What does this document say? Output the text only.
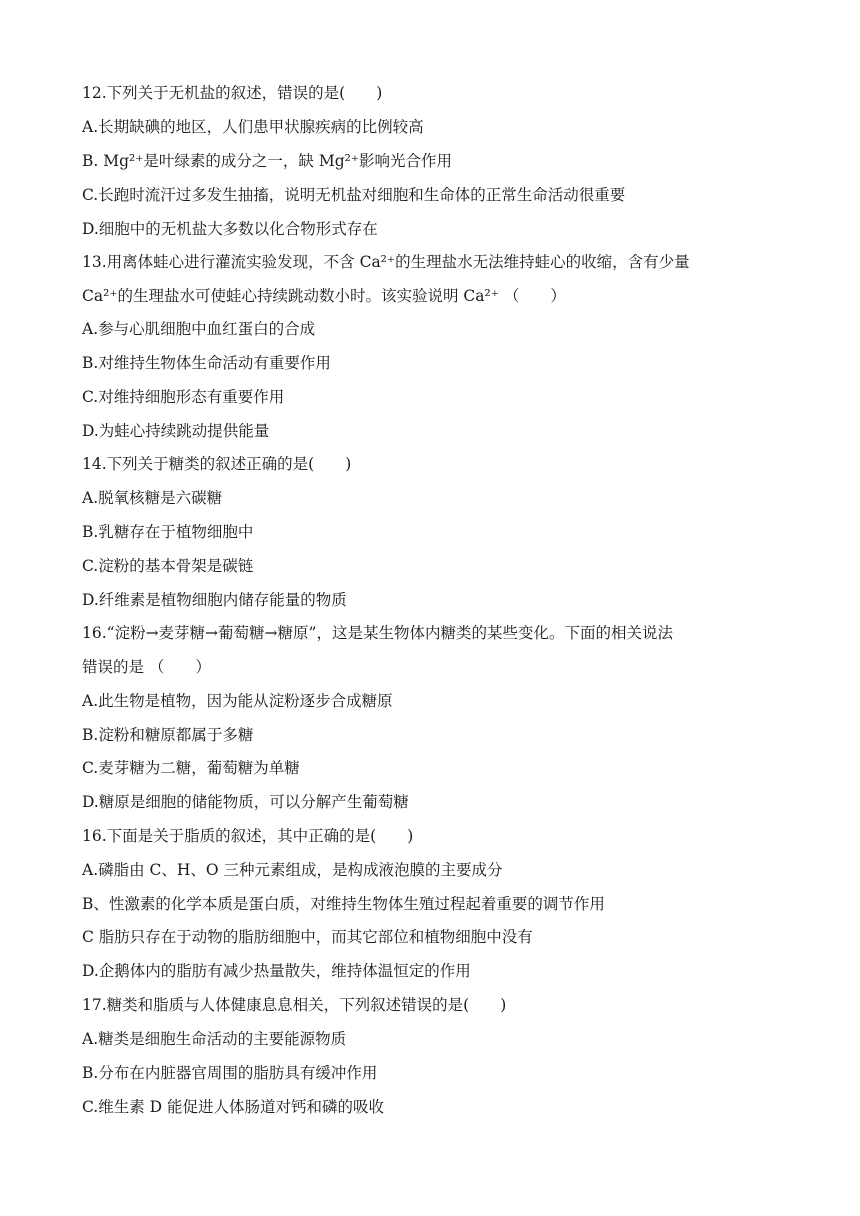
12.下列关于无机盐的叙述，错误的是(　　)
A.长期缺碘的地区，人们患甲状腺疾病的比例较高
B. Mg²⁺是叶绿素的成分之一，缺 Mg²⁺影响光合作用
C.长跑时流汗过多发生抽搐，说明无机盐对细胞和生命体的正常生命活动很重要
D.细胞中的无机盐大多数以化合物形式存在
13.用离体蛙心进行灌流实验发现，不含 Ca²⁺的生理盐水无法维持蛙心的收缩，含有少量
Ca²⁺的生理盐水可使蛙心持续跳动数小时。该实验说明 Ca²⁺ （　　）
A.参与心肌细胞中血红蛋白的合成
B.对维持生物体生命活动有重要作用
C.对维持细胞形态有重要作用
D.为蛙心持续跳动提供能量
14.下列关于糖类的叙述正确的是(　　)
A.脱氧核糖是六碳糖
B.乳糖存在于植物细胞中
C.淀粉的基本骨架是碳链
D.纤维素是植物细胞内储存能量的物质
16.“淀粉→麦芽糖→葡萄糖→糖原”，这是某生物体内糖类的某些变化。下面的相关说法
错误的是 （　　）
A.此生物是植物，因为能从淀粉逐步合成糖原
B.淀粉和糖原都属于多糖
C.麦芽糖为二糖，葡萄糖为单糖
D.糖原是细胞的储能物质，可以分解产生葡萄糖
16.下面是关于脂质的叙述，其中正确的是(　　)
A.磷脂由 C、H、O 三种元素组成，是构成液泡膜的主要成分
B、性激素的化学本质是蛋白质，对维持生物体生殖过程起着重要的调节作用
C 脂肪只存在于动物的脂肪细胞中，而其它部位和植物细胞中没有
D.企鹅体内的脂肪有减少热量散失，维持体温恒定的作用
17.糖类和脂质与人体健康息息相关，下列叙述错误的是(　　)
A.糖类是细胞生命活动的主要能源物质
B.分布在内脏器官周围的脂肪具有缓冲作用
C.维生素 D 能促进人体肠道对钙和磷的吸收
